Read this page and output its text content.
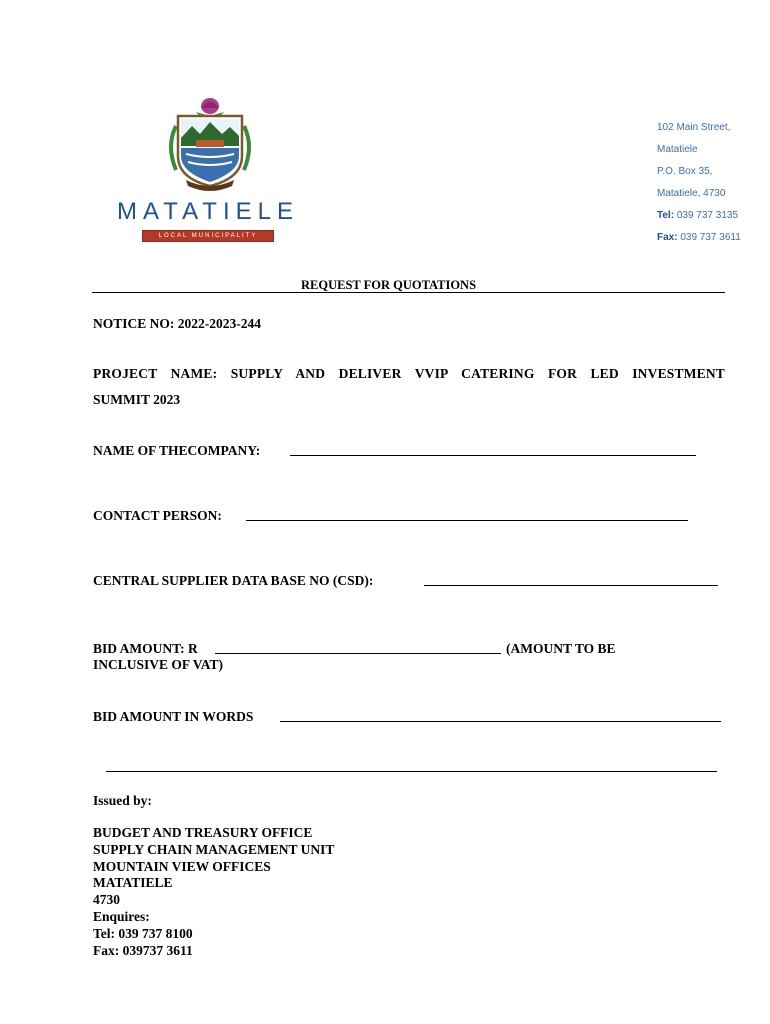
MATATIELE
LOCAL MUNICIPALITY
102 Main Street,
Matatiele
P.O. Box 35,
Matatiele, 4730
Tel: 039 737 3135
Fax: 039 737 3611
REQUEST FOR QUOTATIONS
NOTICE NO: 2022-2023-244
PROJECT NAME: SUPPLY AND DELIVER VVIP CATERING FOR LED INVESTMENT
SUMMIT 2023
NAME OF THECOMPANY:
CONTACT PERSON:
CENTRAL SUPPLIER DATA BASE NO (CSD):
BID AMOUNT: R	(AMOUNT TO BE
INCLUSIVE OF VAT)
BID AMOUNT IN WORDS
Issued by:
BUDGET AND TREASURY OFFICE
SUPPLY CHAIN MANAGEMENT UNIT
MOUNTAIN VIEW OFFICES
MATATIELE
4730
Enquires:
Tel: 039 737 8100
Fax: 039737 3611
